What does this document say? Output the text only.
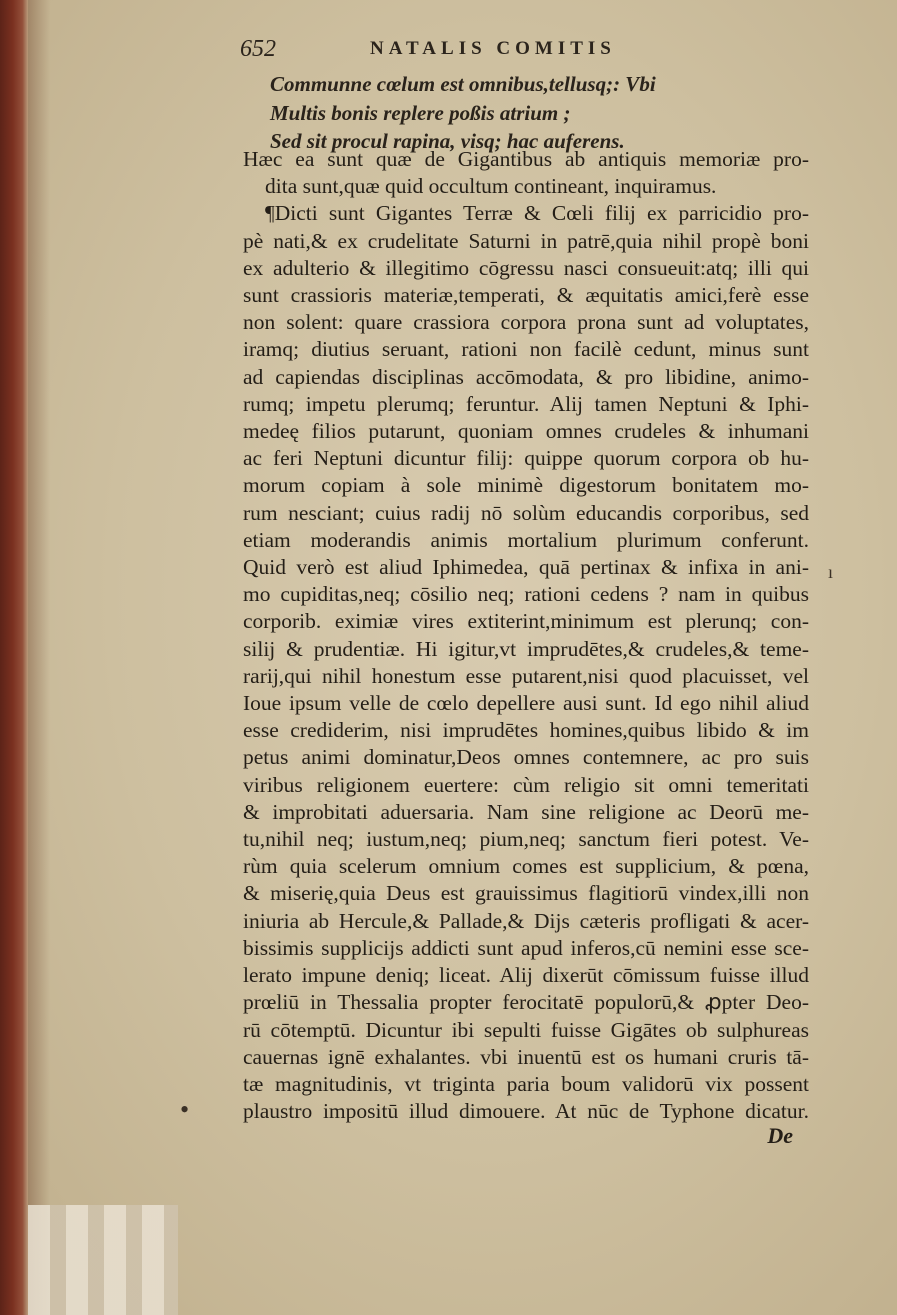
652	NATALIS COMITIS
Communne cœlum est omnibus,tellusq;: Vbi
Multis bonis replere poßis atrium ;
Sed sit procul rapina, visq; hac auferens.
Hæc ea sunt quæ de Gigantibus ab antiquis memoriæ pro-
dita sunt,quæ quid occultum contineant, inquiramus.
¶Dicti sunt Gigantes Terræ & Cœli filij ex parricidio pro-
pè nati,& ex crudelitate Saturni in patrē,quia nihil propè boni
ex adulterio & illegitimo cōgressu nasci consueuit:atq; illi qui
sunt crassioris materiæ,temperati, & æquitatis amici,ferè esse
non solent: quare crassiora corpora prona sunt ad voluptates,
iramq; diutius seruant, rationi non facilè cedunt, minus sunt
ad capiendas disciplinas accōmodata, & pro libidine, animo-
rumq; impetu plerumq; feruntur. Alij tamen Neptuni & Iphi-
medeę filios putarunt, quoniam omnes crudeles & inhumani
ac feri Neptuni dicuntur filij: quippe quorum corpora ob hu-
morum copiam à sole minimè digestorum bonitatem mo-
rum nesciant; cuius radij nō solùm educandis corporibus, sed
etiam moderandis animis mortalium plurimum conferunt.
Quid verò est aliud Iphimedea, quā pertinax & infixa in ani-
mo cupiditas,neq; cōsilio neq; rationi cedens ? nam in quibus
corporib. eximiæ vires extiterint,minimum est plerunq; con-
silij & prudentiæ. Hi igitur,vt imprudētes,& crudeles,& teme-
rarij,qui nihil honestum esse putarent,nisi quod placuisset, vel
Ioue ipsum velle de cœlo depellere ausi sunt. Id ego nihil aliud
esse crediderim, nisi imprudētes homines,quibus libido & im
petus animi dominatur,Deos omnes contemnere, ac pro suis
viribus religionem euertere: cùm religio sit omni temeritati
& improbitati aduersaria. Nam sine religione ac Deorū me-
tu,nihil neq; iustum,neq; pium,neq; sanctum fieri potest. Ve-
rùm quia scelerum omnium comes est supplicium, & pœna,
& miserię,quia Deus est grauissimus flagitiorū vindex,illi non
iniuria ab Hercule,& Pallade,& Dijs cæteris profligati & acer-
bissimis supplicijs addicti sunt apud inferos,cū nemini esse sce-
lerato impune deniq; liceat. Alij dixerūt cōmissum fuisse illud
prœliū in Thessalia propter ferocitatē populorū,& ꝓpter Deo-
rū cōtemptū. Dicuntur ibi sepulti fuisse Gigātes ob sulphureas
cauernas ignē exhalantes. vbi inuentū est os humani cruris tā-
tæ magnitudinis, vt triginta paria boum validorū vix possent
plaustro impositū illud dimouere. At nūc de Typhone dicatur.
•
ı
De
